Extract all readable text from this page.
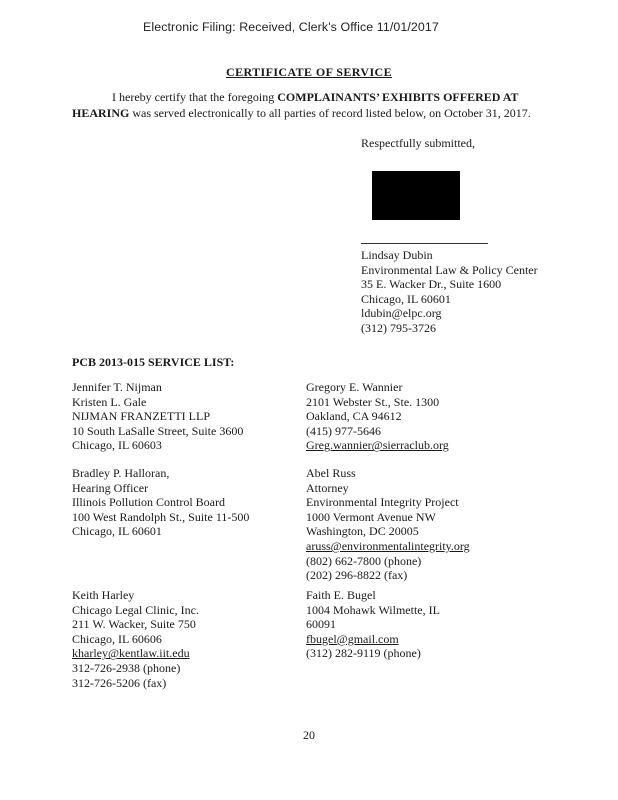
Electronic Filing: Received, Clerk's Office 11/01/2017
CERTIFICATE OF SERVICE
I hereby certify that the foregoing COMPLAINANTS’ EXHIBITS OFFERED AT HEARING was served electronically to all parties of record listed below, on October 31, 2017.
Respectfully submitted,
Lindsay Dubin
Environmental Law & Policy Center
35 E. Wacker Dr., Suite 1600
Chicago, IL 60601
ldubin@elpc.org
(312) 795-3726
PCB 2013-015 SERVICE LIST:
Jennifer T. Nijman
Kristen L. Gale
NIJMAN FRANZETTI LLP
10 South LaSalle Street, Suite 3600
Chicago, IL 60603
Bradley P. Halloran,
Hearing Officer
Illinois Pollution Control Board
100 West Randolph St., Suite 11-500
Chicago, IL 60601
Keith Harley
Chicago Legal Clinic, Inc.
211 W. Wacker, Suite 750
Chicago, IL 60606
kharley@kentlaw.iit.edu
312-726-2938 (phone)
312-726-5206 (fax)
Gregory E. Wannier
2101 Webster St., Ste. 1300
Oakland, CA 94612
(415) 977-5646
Greg.wannier@sierraclub.org
Abel Russ
Attorney
Environmental Integrity Project
1000 Vermont Avenue NW
Washington, DC 20005
aruss@environmentalintegrity.org
(802) 662-7800 (phone)
(202) 296-8822 (fax)
Faith E. Bugel
1004 Mohawk Wilmette, IL
60091
fbugel@gmail.com
(312) 282-9119 (phone)
20
